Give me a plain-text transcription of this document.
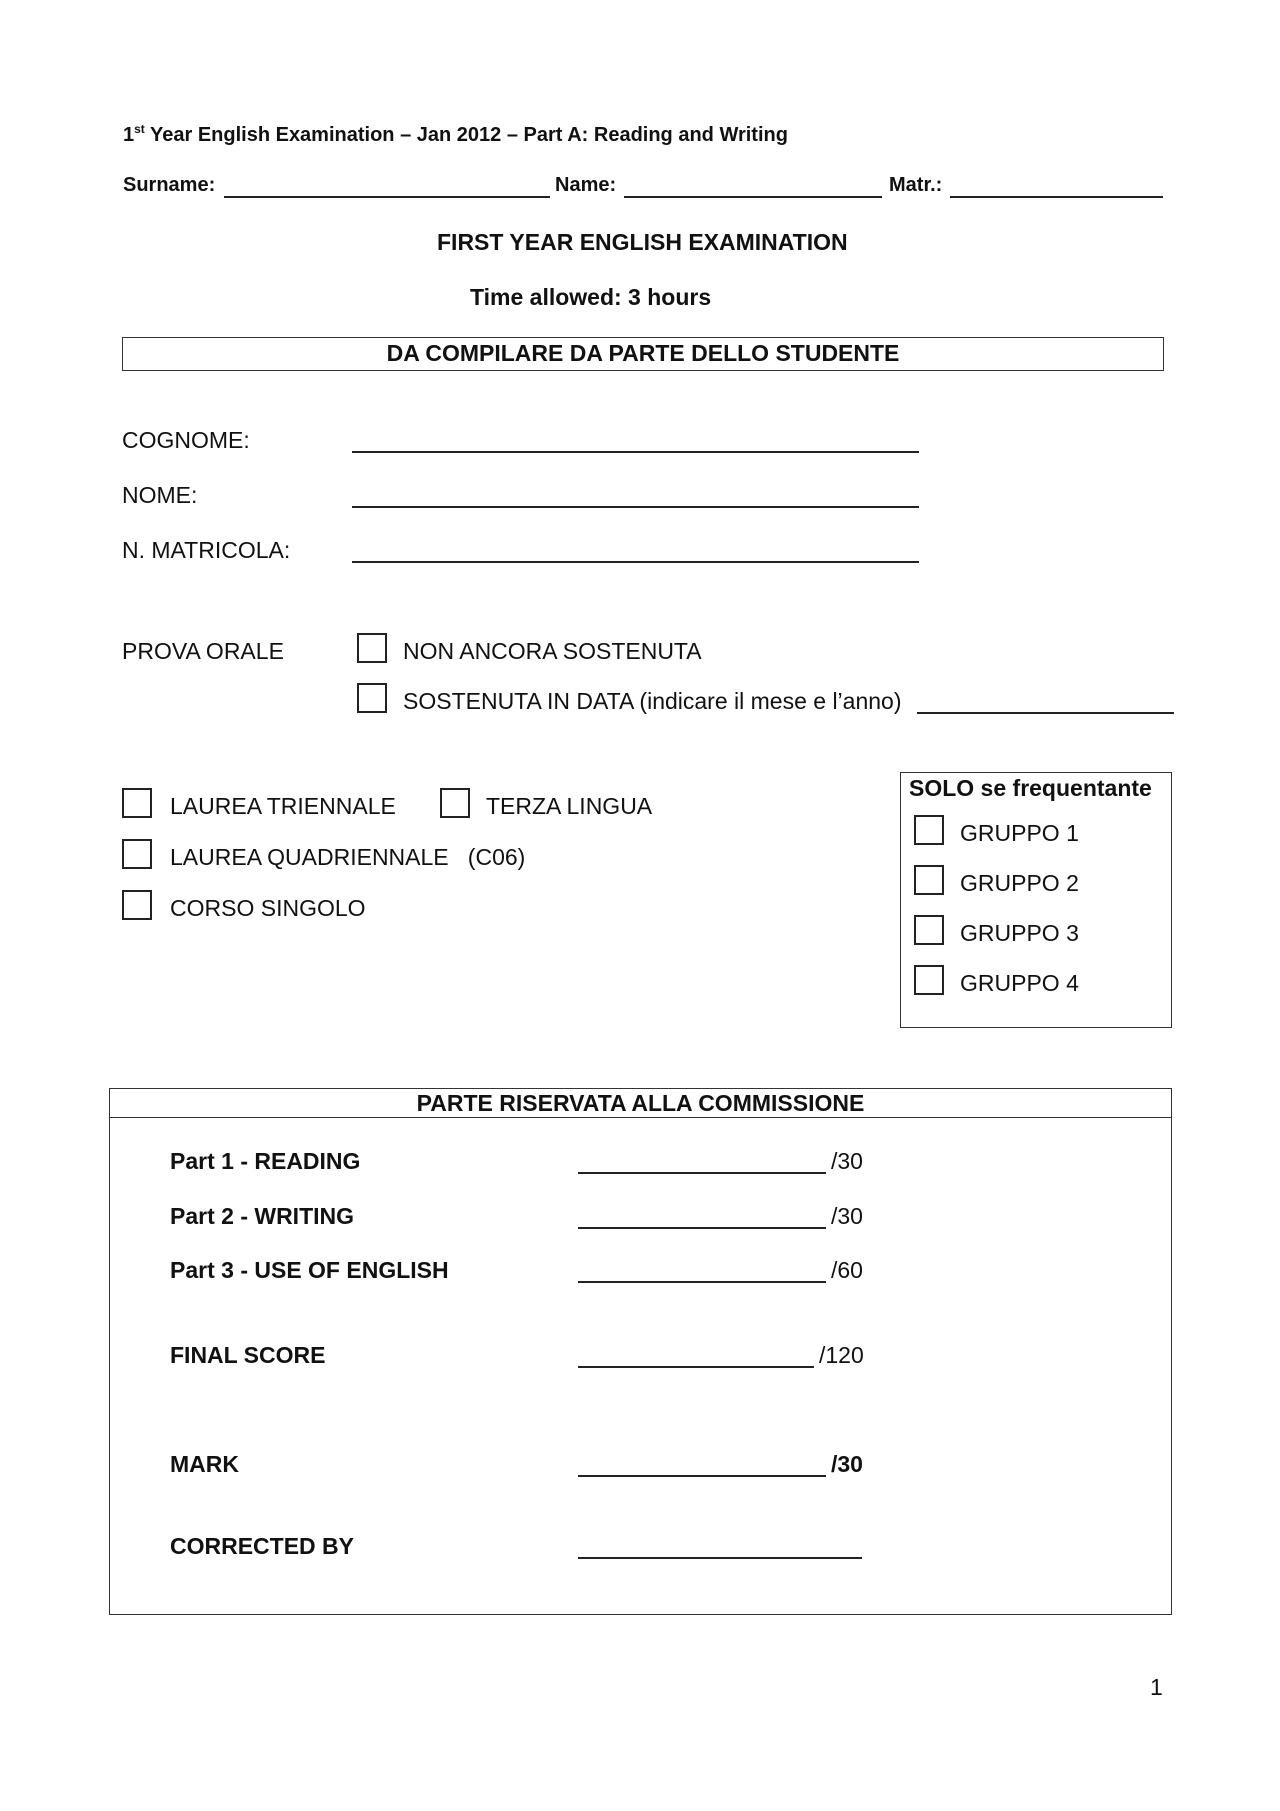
1st Year English Examination – Jan 2012 – Part A: Reading and Writing
Surname:	Name:	Matr.:
FIRST YEAR ENGLISH EXAMINATION
Time allowed: 3 hours
DA COMPILARE DA PARTE DELLO STUDENTE
COGNOME:
NOME:
N. MATRICOLA:
PROVA ORALE	NON ANCORA SOSTENUTA
SOSTENUTA IN DATA (indicare il mese e l’anno)
LAUREA TRIENNALE	TERZA LINGUA
LAUREA QUADRIENNALE   (C06)
CORSO SINGOLO
SOLO se frequentante
GRUPPO 1
GRUPPO 2
GRUPPO 3
GRUPPO 4
PARTE RISERVATA ALLA COMMISSIONE
Part 1 - READING	/30
Part 2 - WRITING	/30
Part 3 - USE OF ENGLISH	/60
FINAL SCORE	/120
MARK	/30
CORRECTED BY
1
